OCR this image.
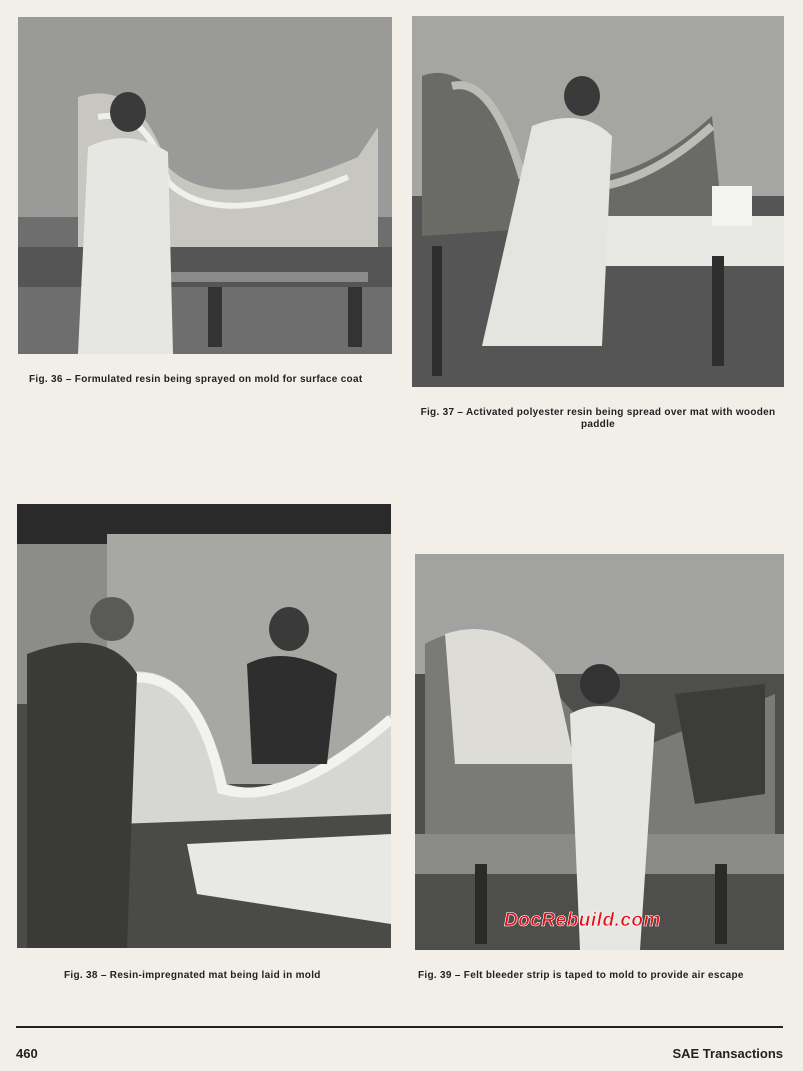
Fig. 36 – Formulated resin being sprayed on mold for surface coat
Fig. 37 – Activated polyester resin being spread over mat with wooden
paddle
Fig. 38 – Resin-impregnated mat being laid in mold	Fig. 39 – Felt bleeder strip is taped to mold to provide air escape
DocRebuild.com
460	SAE Transactions
